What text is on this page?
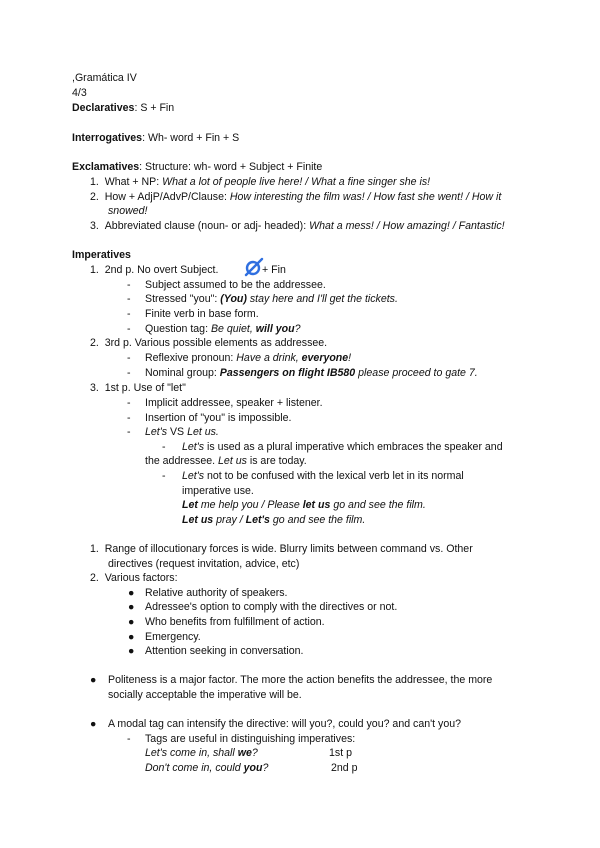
,Gramática IV
4/3
Declaratives: S + Fin
Interrogatives: Wh- word + Fin + S
Exclamatives: Structure: wh- word + Subject + Finite
1. What + NP: What a lot of people live here! / What a fine singer she is!
2. How + AdjP/AdvP/Clause: How interesting the film was! / How fast she went! / How it
snowed!
3. Abbreviated clause (noun- or adj- headed): What a mess! / How amazing! / Fantastic!
Imperatives
1. 2nd p. No overt Subject.	+ Fin
- Subject assumed to be the addressee.
- Stressed "you": (You) stay here and I'll get the tickets.
- Finite verb in base form.
- Question tag: Be quiet, will you?
2. 3rd p. Various possible elements as addressee.
- Reflexive pronoun: Have a drink, everyone!
- Nominal group: Passengers on flight IB580 please proceed to gate 7.
3. 1st p. Use of "let"
- Implicit addressee, speaker + listener.
- Insertion of "you" is impossible.
- Let's VS Let us.
- Let's is used as a plural imperative which embraces the speaker and
the addressee. Let us is are today.
- Let's not to be confused with the lexical verb let in its normal
imperative use.
Let me help you / Please let us go and see the film.
Let us pray / Let's go and see the film.
1. Range of illocutionary forces is wide. Blurry limits between command vs. Other
directives (request invitation, advice, etc)
2. Various factors:
● Relative authority of speakers.
● Adressee's option to comply with the directives or not.
● Who benefits from fulfillment of action.
● Emergency.
● Attention seeking in conversation.
● Politeness is a major factor. The more the action benefits the addressee, the more
socially acceptable the imperative will be.
● A modal tag can intensify the directive: will you?, could you? and can't you?
- Tags are useful in distinguishing imperatives:
Let's come in, shall we?	1st p
Don't come in, could you?	2nd p
